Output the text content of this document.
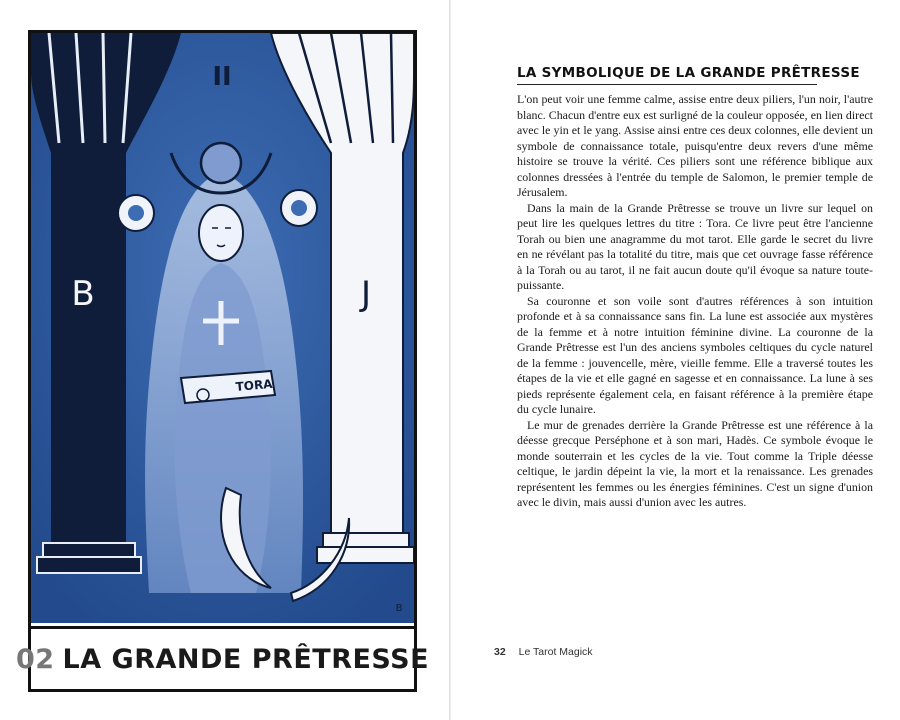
TORA
II
B	J
B
02 LA GRANDE PRÊTRESSE
LA SYMBOLIQUE DE LA GRANDE PRÊTRESSE

L'on peut voir une femme calme, assise entre deux piliers, l'un noir, l'autre blanc. Chacun d'entre eux est surligné de la couleur opposée, en lien direct avec le yin et le yang. Assise ainsi entre ces deux colonnes, elle devient un symbole de connaissance totale, puisqu'entre deux revers d'une même histoire se trouve la vérité. Ces piliers sont une référence biblique aux colonnes dressées à l'entrée du temple de Salomon, le premier temple de Jérusalem.

Dans la main de la Grande Prêtresse se trouve un livre sur lequel on peut lire les quelques lettres du titre : Tora. Ce livre peut être l'ancienne Torah ou bien une anagramme du mot tarot. Elle garde le secret du livre en ne révélant pas la totalité du titre, mais que cet ouvrage fasse référence à la Torah ou au tarot, il ne fait aucun doute qu'il évoque sa nature toute-puissante.

Sa couronne et son voile sont d'autres références à son intuition profonde et à sa connaissance sans fin. La lune est associée aux mystères de la femme et à notre intuition féminine divine. La couronne de la Grande Prêtresse est l'un des anciens symboles celtiques du cycle naturel de la femme : jouvencelle, mère, vieille femme. Elle a traversé toutes les étapes de la vie et elle gagné en sagesse et en connaissance. La lune à ses pieds représente également cela, en faisant référence à la première étape du cycle lunaire.

Le mur de grenades derrière la Grande Prêtresse est une référence à la déesse grecque Perséphone et à son mari, Hadès. Ce symbole évoque le monde souterrain et les cycles de la vie. Tout comme la Triple déesse celtique, le jardin dépeint la vie, la mort et la renaissance. Les grenades représentent les femmes ou les énergies féminines. C'est un signe d'union avec le divin, mais aussi d'union avec les autres.

32 Le Tarot Magick
